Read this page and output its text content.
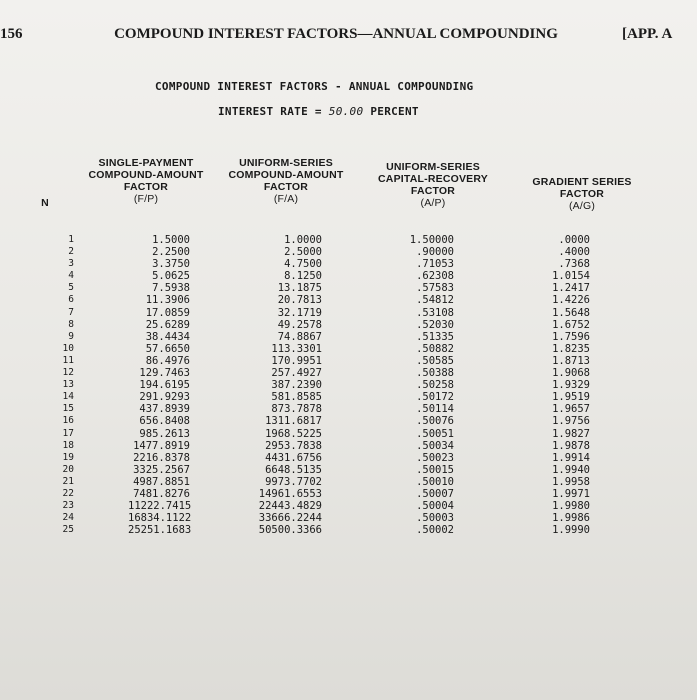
156	COMPOUND INTEREST FACTORS—ANNUAL COMPOUNDING	[APP. A
COMPOUND INTEREST FACTORS - ANNUAL COMPOUNDING
INTEREST RATE = 50.00 PERCENT
N
SINGLE-PAYMENT
COMPOUND-AMOUNT
FACTOR
(F/P)
UNIFORM-SERIES
COMPOUND-AMOUNT
FACTOR
(F/A)
UNIFORM-SERIES
CAPITAL-RECOVERY
FACTOR
(A/P)
GRADIENT SERIES
FACTOR
(A/G)
1
2
3
4
5
6
7
8
9
10
11
12
13
14
15
16
17
18
19
20
21
22
23
24
25
1.5000
2.2500
3.3750
5.0625
7.5938
11.3906
17.0859
25.6289
38.4434
57.6650
86.4976
129.7463
194.6195
291.9293
437.8939
656.8408
985.2613
1477.8919
2216.8378
3325.2567
4987.8851
7481.8276
11222.7415
16834.1122
25251.1683
1.0000
2.5000
4.7500
8.1250
13.1875
20.7813
32.1719
49.2578
74.8867
113.3301
170.9951
257.4927
387.2390
581.8585
873.7878
1311.6817
1968.5225
2953.7838
4431.6756
6648.5135
9973.7702
14961.6553
22443.4829
33666.2244
50500.3366
1.50000
.90000
.71053
.62308
.57583
.54812
.53108
.52030
.51335
.50882
.50585
.50388
.50258
.50172
.50114
.50076
.50051
.50034
.50023
.50015
.50010
.50007
.50004
.50003
.50002
.0000
.4000
.7368
1.0154
1.2417
1.4226
1.5648
1.6752
1.7596
1.8235
1.8713
1.9068
1.9329
1.9519
1.9657
1.9756
1.9827
1.9878
1.9914
1.9940
1.9958
1.9971
1.9980
1.9986
1.9990
